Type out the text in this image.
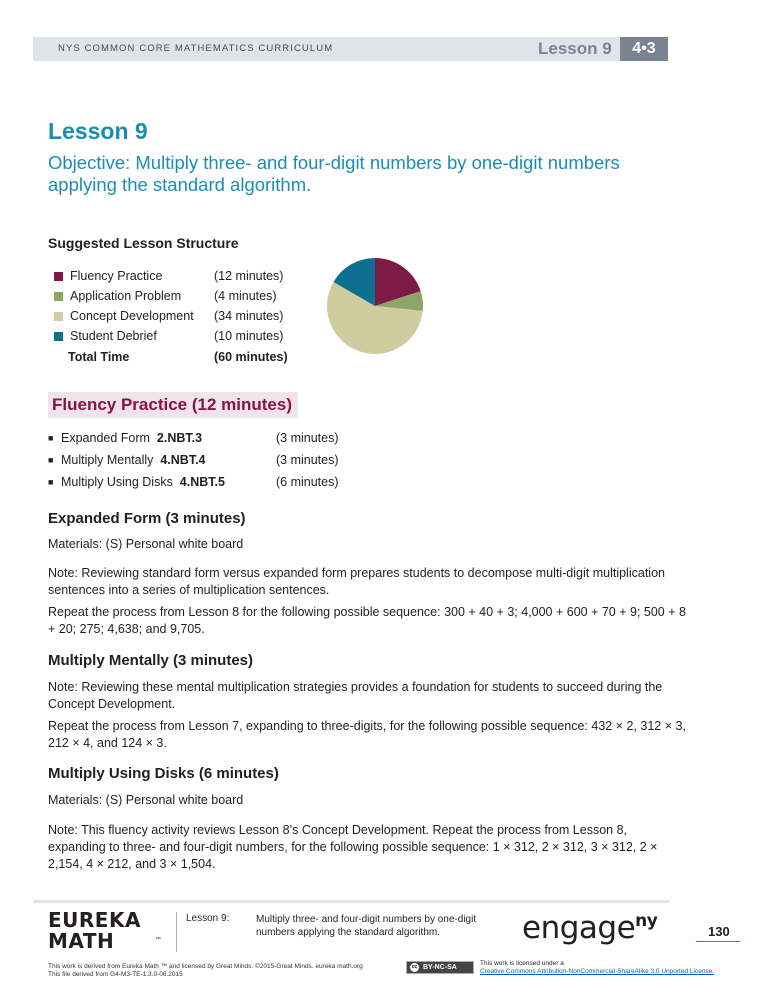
NYS COMMON CORE MATHEMATICS CURRICULUM	Lesson 9	4•3
Lesson 9
Objective: Multiply three- and four-digit numbers by one-digit numbers applying the standard algorithm.
Suggested Lesson Structure
Fluency Practice	(12 minutes)
Application Problem	(4 minutes)
Concept Development	(34 minutes)
Student Debrief	(10 minutes)
Total Time	(60 minutes)
Fluency Practice (12 minutes)
■ Expanded Form 2.NBT.3	(3 minutes)
■ Multiply Mentally 4.NBT.4	(3 minutes)
■ Multiply Using Disks 4.NBT.5	(6 minutes)
Expanded Form (3 minutes)
Materials: (S) Personal white board
Note: Reviewing standard form versus expanded form prepares students to decompose multi-digit multiplication sentences into a series of multiplication sentences.
Repeat the process from Lesson 8 for the following possible sequence: 300 + 40 + 3; 4,000 + 600 + 70 + 9; 500 + 8 + 20; 275; 4,638; and 9,705.
Multiply Mentally (3 minutes)
Note: Reviewing these mental multiplication strategies provides a foundation for students to succeed during the Concept Development.
Repeat the process from Lesson 7, expanding to three-digits, for the following possible sequence: 432 × 2, 312 × 3, 212 × 4, and 124 × 3.
Multiply Using Disks (6 minutes)
Materials: (S) Personal white board
Note: This fluency activity reviews Lesson 8’s Concept Development. Repeat the process from Lesson 8, expanding to three- and four-digit numbers, for the following possible sequence: 1 × 312, 2 × 312, 3 × 312, 2 × 2,154, 4 × 212, and 3 × 1,504.
EUREKA
MATH	™
Lesson 9:	Multiply three- and four-digit numbers by one-digit numbers applying the standard algorithm.	engage$^{ny}$
130
This work is derived from Eureka Math ™ and licensed by Great Minds. ©2015-Great Minds. eureka math.org
This file derived from G4-M3-TE-1.3.0-06.2015
cc BY-NC-SA
This work is licensed under a
Creative Commons Attribution-NonCommercial-ShareAlike 3.0 Unported License.
